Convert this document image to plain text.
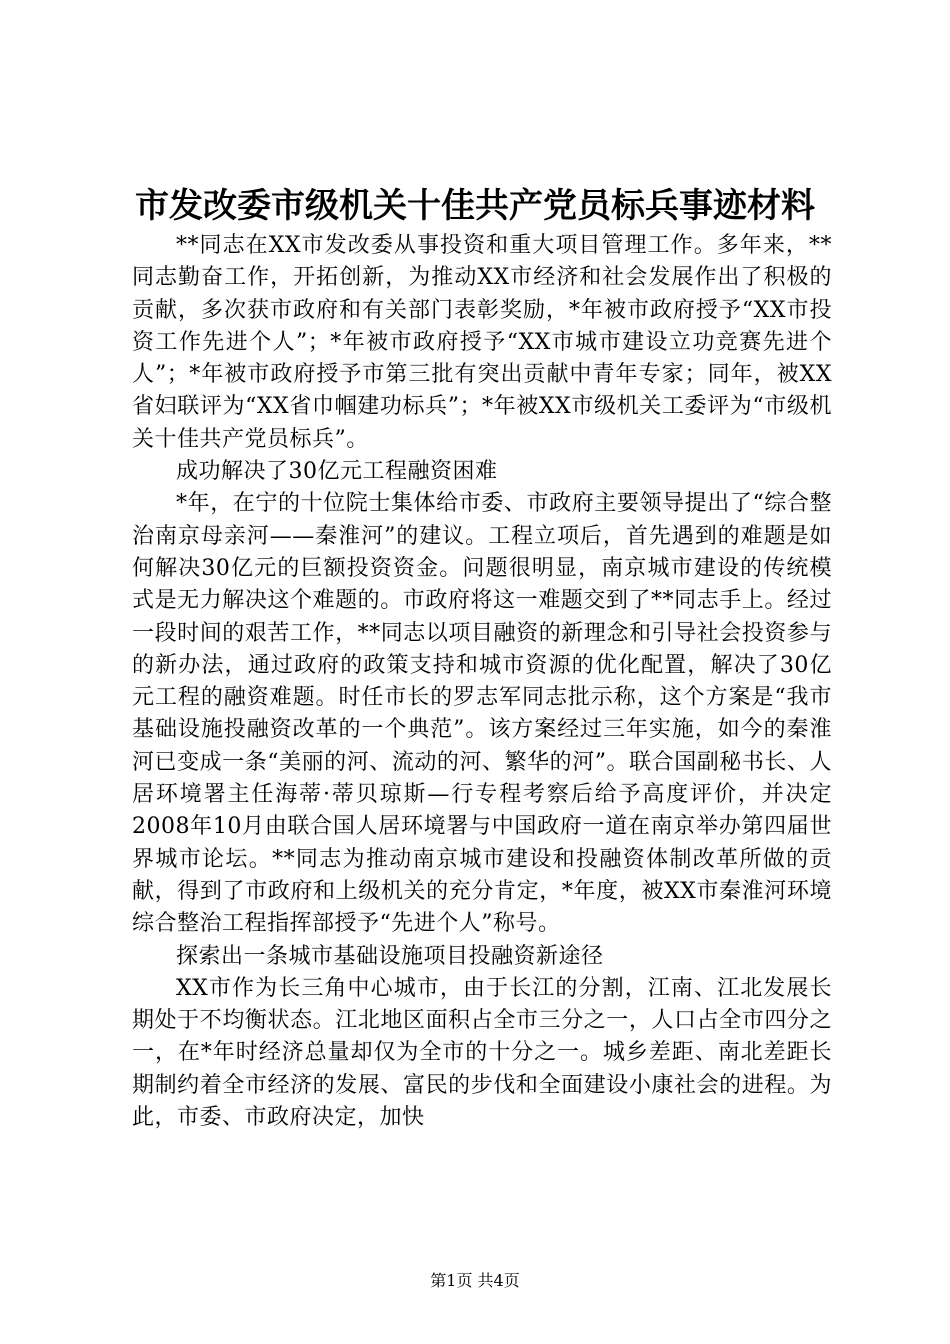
市发改委市级机关十佳共产党员标兵事迹材料

**同志在XX市发改委从事投资和重大项目管理工作。多年来，**同志勤奋工作，开拓创新，为推动XX市经济和社会发展作出了积极的贡献，多次获市政府和有关部门表彰奖励，*年被市政府授予“XX市投资工作先进个人”；*年被市政府授予“XX市城市建设立功竞赛先进个人”；*年被市政府授予市第三批有突出贡献中青年专家；同年，被XX省妇联评为“XX省巾帼建功标兵”；*年被XX市级机关工委评为“市级机关十佳共产党员标兵”。

成功解决了30亿元工程融资困难

*年，在宁的十位院士集体给市委、市政府主要领导提出了“综合整治南京母亲河——秦淮河”的建议。工程立项后，首先遇到的难题是如何解决30亿元的巨额投资资金。问题很明显，南京城市建设的传统模式是无力解决这个难题的。市政府将这一难题交到了**同志手上。经过一段时间的艰苦工作，**同志以项目融资的新理念和引导社会投资参与的新办法，通过政府的政策支持和城市资源的优化配置，解决了30亿元工程的融资难题。时任市长的罗志军同志批示称，这个方案是“我市基础设施投融资改革的一个典范”。该方案经过三年实施，如今的秦淮河已变成一条“美丽的河、流动的河、繁华的河”。联合国副秘书长、人居环境署主任海蒂·蒂贝琼斯—行专程考察后给予高度评价，并决定2008年10月由联合国人居环境署与中国政府一道在南京举办第四届世界城市论坛。**同志为推动南京城市建设和投融资体制改革所做的贡献，得到了市政府和上级机关的充分肯定，*年度，被XX市秦淮河环境综合整治工程指挥部授予“先进个人”称号。

探索出一条城市基础设施项目投融资新途径

XX市作为长三角中心城市，由于长江的分割，江南、江北发展长期处于不均衡状态。江北地区面积占全市三分之一，人口占全市四分之一，在*年时经济总量却仅为全市的十分之一。城乡差距、南北差距长期制约着全市经济的发展、富民的步伐和全面建设小康社会的进程。为此，市委、市政府决定，加快

第1页 共4页
